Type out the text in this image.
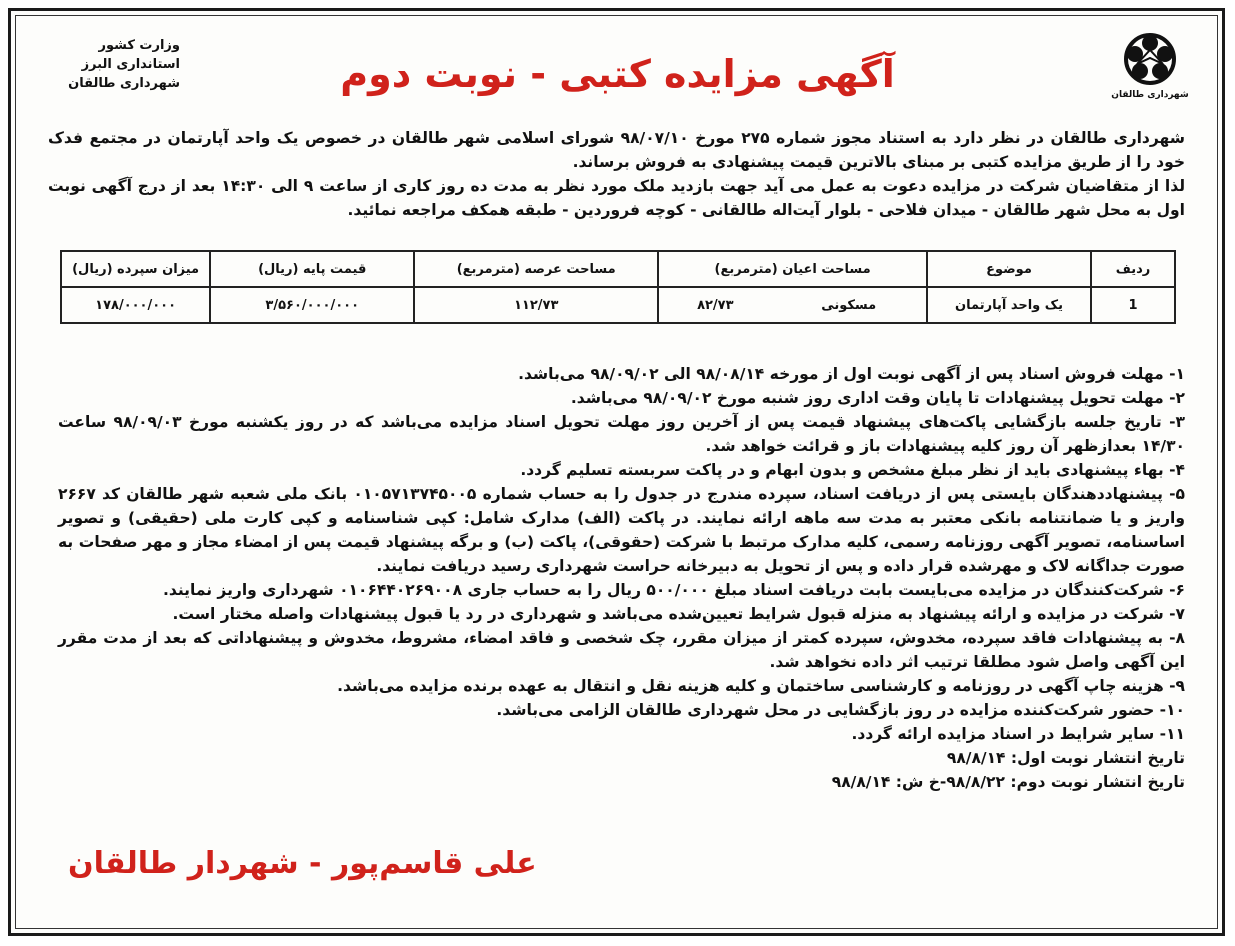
وزارت کشور
استانداری البرز
شهرداری طالقان
شهرداری طالقان
آگهی مزایده کتبی - نوبت دوم

شهرداری طالقان در نظر دارد به استناد مجوز شماره ۲۷۵ مورخ ۹۸/۰۷/۱۰ شورای اسلامی شهر طالقان در خصوص یک واحد آپارتمان در مجتمع فدک خود را از طریق مزایده کتبی بر مبنای بالاترین قیمت پیشنهادی به فروش برساند.

لذا از متقاضیان شرکت در مزایده دعوت به عمل می آید جهت بازدید ملک مورد نظر به مدت ده روز کاری از ساعت ۹ الی ۱۴:۳۰ بعد از درج آگهی نوبت اول به محل شهر طالقان - میدان فلاحی - بلوار آیت‌اله طالقانی - کوچه فروردین - طبقه همکف مراجعه نمائید.

ردیف	موضوع	مساحت اعیان (مترمربع)		مساحت عرصه (مترمربع)	قیمت پایه (ریال)	میزان سپرده (ریال)
1	یک واحد آپارتمان	مسکونی	۸۲/۷۳	۱۱۲/۷۳	۳/۵۶۰/۰۰۰/۰۰۰	۱۷۸/۰۰۰/۰۰۰

۱- مهلت فروش اسناد پس از آگهی نوبت اول از مورخه ۹۸/۰۸/۱۴ الی ۹۸/۰۹/۰۲ می‌باشد.

۲- مهلت تحویل پیشنهادات تا پایان وقت اداری روز شنبه مورخ ۹۸/۰۹/۰۲ می‌باشد.

۳- تاریخ جلسه بازگشایی پاکت‌های پیشنهاد قیمت پس از آخرین روز مهلت تحویل اسناد مزایده می‌باشد که در روز یکشنبه مورخ ۹۸/۰۹/۰۳ ساعت ۱۴/۳۰ بعدازظهر آن روز کلیه پیشنهادات باز و قرائت خواهد شد.

۴- بهاء پیشنهادی باید از نظر مبلغ مشخص و بدون ابهام و در پاکت سربسته تسلیم گردد.

۵- پیشنهاددهندگان بایستی پس از دریافت اسناد، سپرده مندرج در جدول را به حساب شماره ۰۱۰۵۷۱۳۷۴۵۰۰۵ بانک ملی شعبه شهر طالقان کد ۲۶۶۷ واریز و یا ضمانتنامه بانکی معتبر به مدت سه ماهه ارائه نمایند. در پاکت (الف) مدارک شامل: کپی شناسنامه و کپی کارت ملی (حقیقی) و تصویر اساسنامه، تصویر آگهی روزنامه رسمی، کلیه مدارک مرتبط با شرکت (حقوقی)، پاکت (ب) و برگه پیشنهاد قیمت پس از امضاء مجاز و مهر صفحات به صورت جداگانه لاک و مهرشده قرار داده و پس از تحویل به دبیرخانه حراست شهرداری رسید دریافت نمایند.

۶- شرکت‌کنندگان در مزایده می‌بایست بابت دریافت اسناد مبلغ ۵۰۰/۰۰۰ ریال را به حساب جاری ۰۱۰۶۴۴۰۲۶۹۰۰۸ شهرداری واریز نمایند.

۷- شرکت در مزایده و ارائه پیشنهاد به منزله قبول شرایط تعیین‌شده می‌باشد و شهرداری در رد یا قبول پیشنهادات واصله مختار است.

۸- به پیشنهادات فاقد سپرده، مخدوش، سپرده کمتر از میزان مقرر، چک شخصی و فاقد امضاء، مشروط، مخدوش و پیشنهاداتی که بعد از مدت مقرر این آگهی واصل شود مطلقا ترتیب اثر داده نخواهد شد.

۹- هزینه چاپ آگهی در روزنامه و کارشناسی ساختمان و کلیه هزینه نقل و انتقال به عهده برنده مزایده می‌باشد.

۱۰- حضور شرکت‌کننده مزایده در روز بازگشایی در محل شهرداری طالقان الزامی می‌باشد.

۱۱- سایر شرایط در اسناد مزایده ارائه گردد.

تاریخ انتشار نوبت اول: ۹۸/۸/۱۴

تاریخ انتشار نوبت دوم: ۹۸/۸/۲۲-خ ش: ۹۸/۸/۱۴

علی قاسم‌پور - شهردار طالقان
